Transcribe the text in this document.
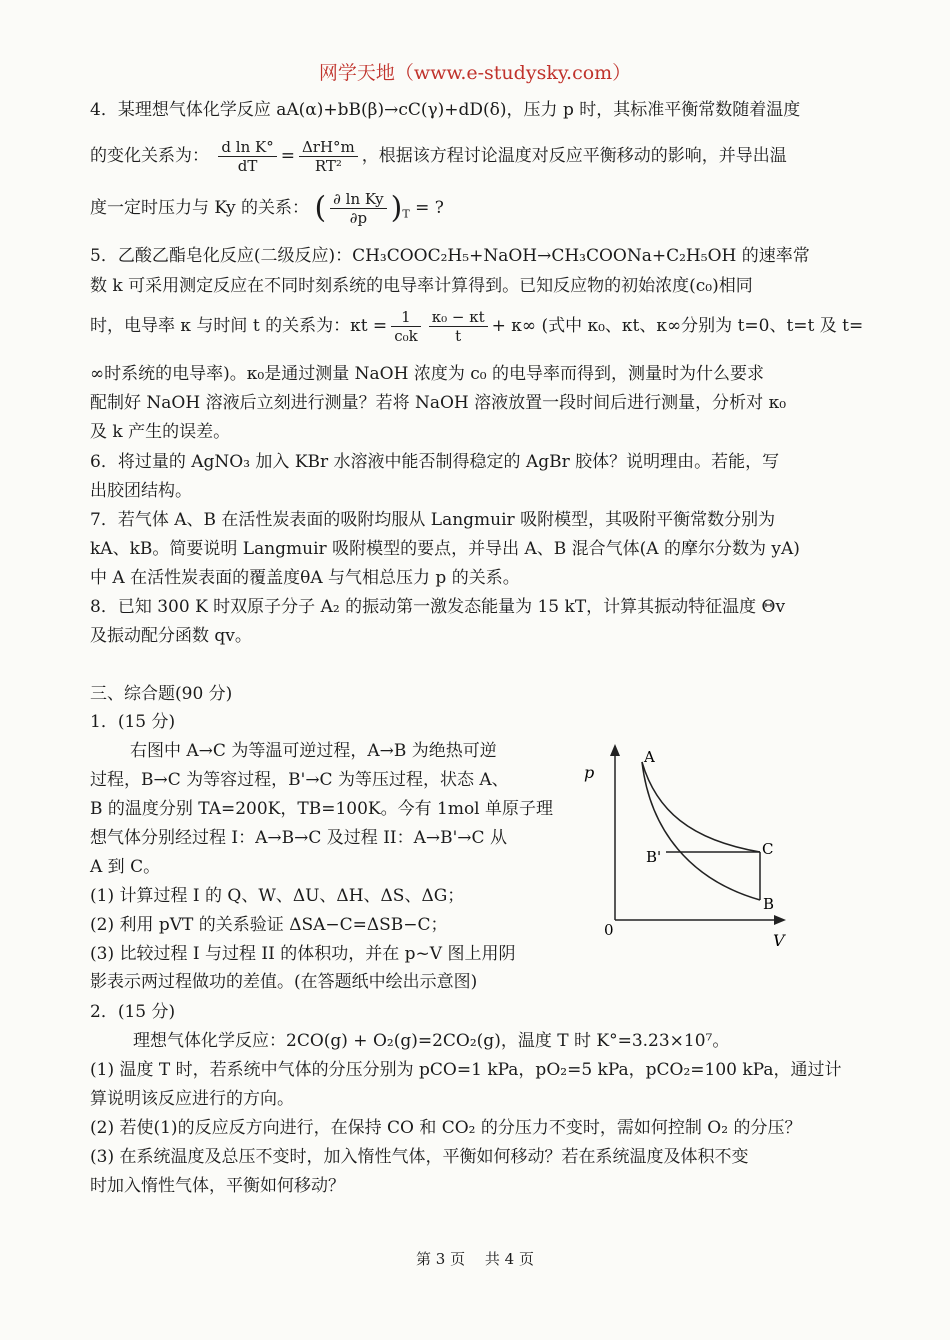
网学天地（www.e-studysky.com）
4．某理想气体化学反应 aA(α)+bB(β)→cC(γ)+dD(δ)，压力 p 时，其标准平衡常数随着温度
的变化关系为： $\frac{\text{d ln K°}}{dT} = \frac{\text{ΔrH°m}}{\text{RT²}}$ ，根据该方程讨论温度对反应平衡移动的影响，并导出温
度一定时压力与 Ky 的关系： ( $\frac{\text{∂ ln Ky}}{\partial p} )_T$ = ?
5．乙酸乙酯皂化反应(二级反应)：CH₃COOC₂H₅+NaOH→CH₃COONa+C₂H₅OH 的速率常
数 k 可采用测定反应在不同时刻系统的电导率计算得到。已知反应物的初始浓度(c₀)相同
时，电导率 κ 与时间 t 的关系为：$\kappa t = \frac{1}{\text{c₀k}} \frac{\text{κ₀ − κt}}{t} + \kappa\infty$ (式中 κ₀、κt、κ∞分别为 t=0、t=t 及 t=
∞时系统的电导率)。κ₀是通过测量 NaOH 浓度为 c₀ 的电导率而得到，测量时为什么要求
配制好 NaOH 溶液后立刻进行测量？若将 NaOH 溶液放置一段时间后进行测量，分析对 κ₀
及 k 产生的误差。
6．将过量的 AgNO₃ 加入 KBr 水溶液中能否制得稳定的 AgBr 胶体？说明理由。若能，写
出胶团结构。
7．若气体 A、B 在活性炭表面的吸附均服从 Langmuir 吸附模型，其吸附平衡常数分别为
kA、kB。简要说明 Langmuir 吸附模型的要点，并导出 A、B 混合气体(A 的摩尔分数为 yA)
中 A 在活性炭表面的覆盖度θA 与气相总压力 p 的关系。
8．已知 300 K 时双原子分子 A₂ 的振动第一激发态能量为 15 kT，计算其振动特征温度 Θv
及振动配分函数 qv。
三、综合题(90 分)
1．(15 分)
右图中 A→C 为等温可逆过程，A→B 为绝热可逆
过程，B→C 为等容过程，B'→C 为等压过程，状态 A、
B 的温度分别 TA=200K，TB=100K。今有 1mol 单原子理
想气体分别经过程 I：A→B→C 及过程 II：A→B'→C 从
A 到 C。
(1) 计算过程 I 的 Q、W、ΔU、ΔH、ΔS、ΔG；
(2) 利用 pVT 的关系验证 ΔSA−C=ΔSB−C；
(3) 比较过程 I 与过程 II 的体积功，并在 p~V 图上用阴
影表示两过程做功的差值。(在答题纸中绘出示意图)
p
A
B'	C
B
0
V
2．(15 分)
理想气体化学反应：2CO(g) + O₂(g)=2CO₂(g)，温度 T 时 K°=3.23×10⁷。
(1) 温度 T 时，若系统中气体的分压分别为 pCO=1 kPa，pO₂=5 kPa，pCO₂=100 kPa，通过计
算说明该反应进行的方向。
(2) 若使(1)的反应反方向进行，在保持 CO 和 CO₂ 的分压力不变时，需如何控制 O₂ 的分压？
(3) 在系统温度及总压不变时，加入惰性气体，平衡如何移动？若在系统温度及体积不变
时加入惰性气体，平衡如何移动？
第 3 页　 共 4 页
